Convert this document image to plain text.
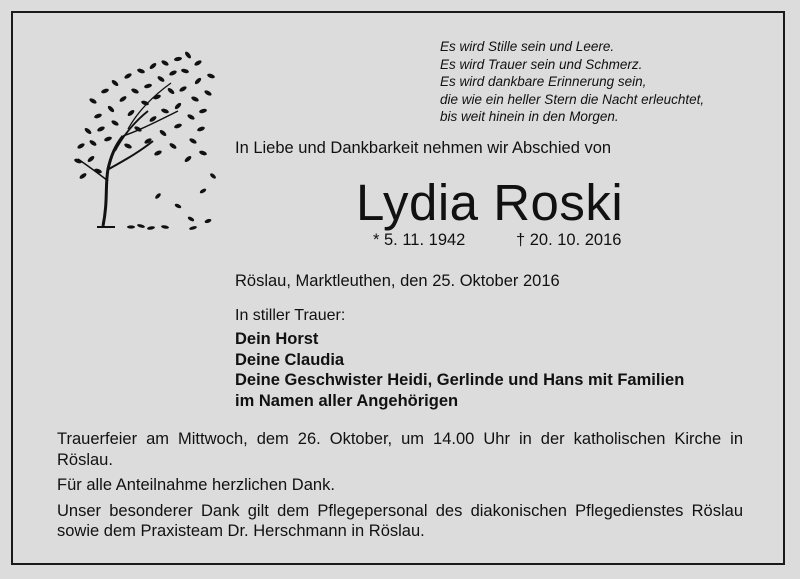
Es wird Stille sein und Leere.
Es wird Trauer sein und Schmerz.
Es wird dankbare Erinnerung sein,
die wie ein heller Stern die Nacht erleuchtet,
bis weit hinein in den Morgen.
In Liebe und Dankbarkeit nehmen wir Abschied von
Lydia Roski
* 5. 11. 1942	† 20. 10. 2016
Röslau, Marktleuthen, den 25. Oktober 2016
In stiller Trauer:
Dein Horst
Deine Claudia
Deine Geschwister Heidi, Gerlinde und Hans mit Familien
im Namen aller Angehörigen

Trauerfeier am Mittwoch, dem 26. Oktober, um 14.00 Uhr in der katholischen Kirche in Röslau.

Für alle Anteilnahme herzlichen Dank.

Unser besonderer Dank gilt dem Pflegepersonal des diakonischen Pflegedienstes Röslau sowie dem Praxisteam Dr. Herschmann in Röslau.
